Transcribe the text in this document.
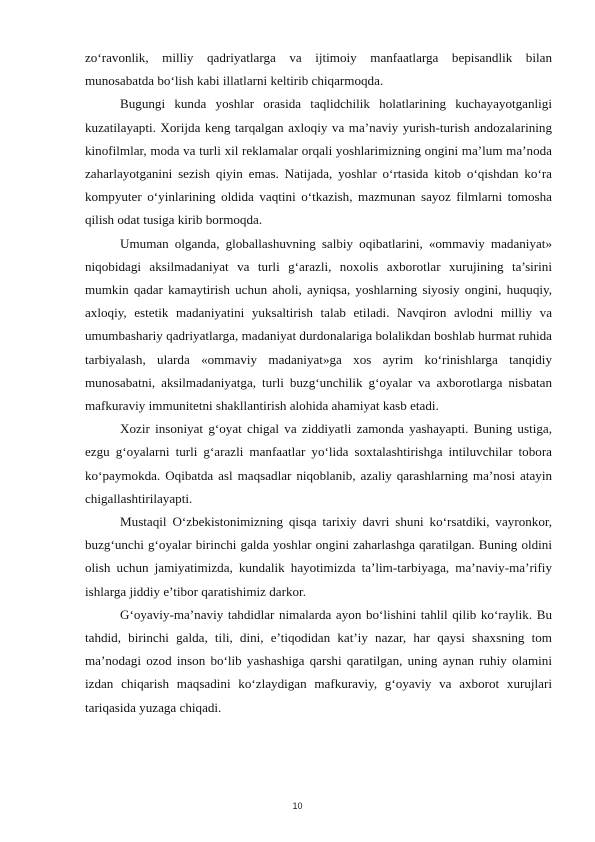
zo‘ravonlik, milliy qadriyatlarga va ijtimoiy manfaatlarga bepisandlik bilan munosabatda bo‘lish kabi illatlarni keltirib chiqarmoqda.

Bugungi kunda yoshlar orasida taqlidchilik holatlarining kuchayayotganligi kuzatilayapti. Xorijda keng tarqalgan axloqiy va ma’naviy yurish-turish andozalarining kinofilmlar, moda va turli xil reklamalar orqali yoshlarimizning ongini ma’lum ma’noda zaharlayotganini sezish qiyin emas. Natijada, yoshlar o‘rtasida kitob o‘qishdan ko‘ra kompyuter o‘yinlarining oldida vaqtini o‘tkazish, mazmunan sayoz filmlarni tomosha qilish odat tusiga kirib bormoqda.

Umuman olganda, globallashuvning salbiy oqibatlarini, «ommaviy madaniyat» niqobidagi aksilmadaniyat va turli g‘arazli, noxolis axborotlar xurujining ta’sirini mumkin qadar kamaytirish uchun aholi, ayniqsa, yoshlarning siyosiy ongini, huquqiy, axloqiy, estetik madaniyatini yuksaltirish talab etiladi. Navqiron avlodni milliy va umumbashariy qadriyatlarga, madaniyat durdonalariga bolalikdan boshlab hurmat ruhida tarbiyalash, ularda «ommaviy madaniyat»ga xos ayrim ko‘rinishlarga tanqidiy munosabatni, aksilmadaniyatga, turli buzg‘unchilik g‘oyalar va axborotlarga nisbatan mafkuraviy immunitetni shakllantirish alohida ahamiyat kasb etadi.

Xozir insoniyat g‘oyat chigal va ziddiyatli zamonda yashayapti. Buning ustiga, ezgu g‘oyalarni turli g‘arazli manfaatlar yo‘lida soxtalashtirishga intiluvchilar tobora ko‘paymokda. Oqibatda asl maqsadlar niqoblanib, azaliy qarashlarning ma’nosi atayin chigallashtirilayapti.

Mustaqil O‘zbekistonimizning qisqa tarixiy davri shuni ko‘rsatdiki, vayronkor, buzg‘unchi g‘oyalar birinchi galda yoshlar ongini zaharlashga qaratilgan. Buning oldini olish uchun jamiyatimizda, kundalik hayotimizda ta’lim-tarbiyaga, ma’naviy-ma’rifiy ishlarga jiddiy e’tibor qaratishimiz darkor.

G‘oyaviy-ma’naviy tahdidlar nimalarda ayon bo‘lishini tahlil qilib ko‘raylik. Bu tahdid, birinchi galda, tili, dini, e’tiqodidan kat’iy nazar, har qaysi shaxsning tom ma’nodagi ozod inson bo‘lib yashashiga qarshi qaratilgan, uning aynan ruhiy olamini izdan chiqarish maqsadini ko‘zlaydigan mafkuraviy, g‘oyaviy va axborot xurujlari tariqasida yuzaga chiqadi.

10
